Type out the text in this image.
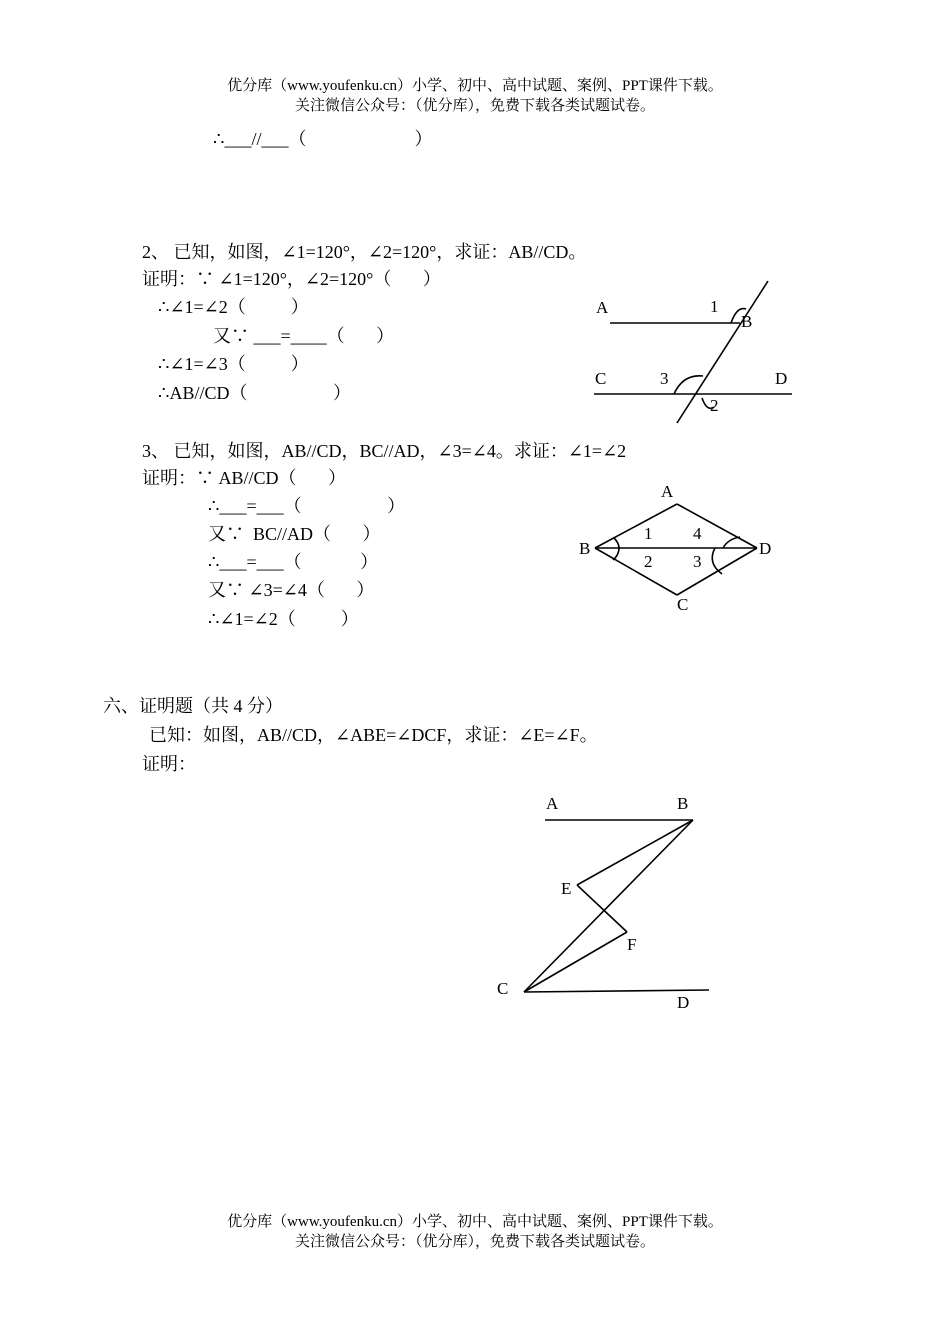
优分库（www.youfenku.cn）小学、初中、高中试题、案例、PPT课件下载。
关注微信公众号：（优分库），免费下载各类试题试卷。
∴___//___（                        ）
2、 已知，如图，∠1=120°，∠2=120°，求证：AB//CD。
证明：∵ ∠1=120°，∠2=120°（       ）
∴∠1=∠2（          ）
又∵ ___=____（       ）
∴∠1=∠3（          ）
∴AB//CD（                   ）
3、 已知，如图，AB//CD，BC//AD，∠3=∠4。求证：∠1=∠2
证明：∵ AB//CD（       ）
∴___=___（                   ）
又∵  BC//AD（       ）
∴___=___（             ）
又∵ ∠3=∠4（       ）
∴∠1=∠2（          ）
六、证明题（共 4 分）
已知：如图，AB//CD，∠ABE=∠DCF，求证：∠E=∠F。
证明：
A
B
C	D
1
3
2
A
B
C
D
1
2 3
4
A	B
E
F
C
D
优分库（www.youfenku.cn）小学、初中、高中试题、案例、PPT课件下载。
关注微信公众号：（优分库），免费下载各类试题试卷。
